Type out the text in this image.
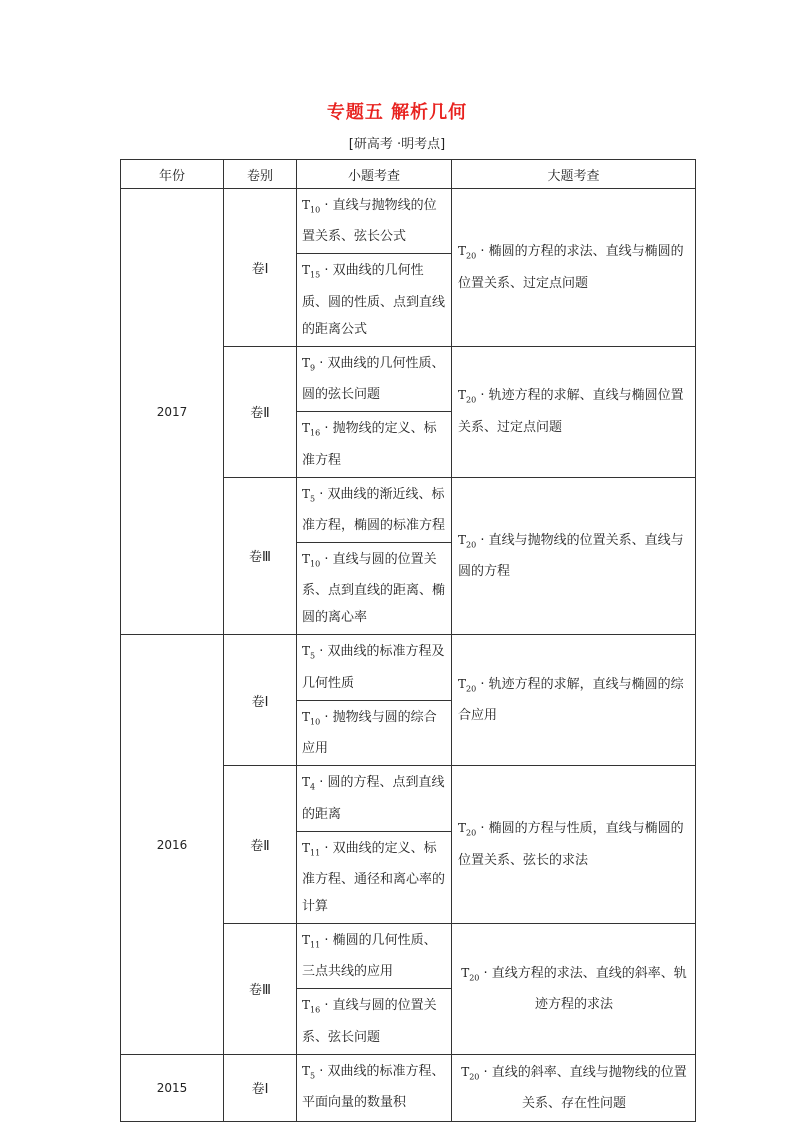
专题五 解析几何
[研高考 ·明考点]
年份	卷别	小题考查	大题考查
2017	卷Ⅰ	$T_{10}$ · 直线与抛物线的位置关系、弦长公式
$T_{15}$ · 双曲线的几何性质、圆的性质、点到直线的距离公式	$T_{20}$ · 椭圆的方程的求法、直线与椭圆的位置关系、过定点问题
	卷Ⅱ	$T_9$ · 双曲线的几何性质、圆的弦长问题
$T_{16}$ · 抛物线的定义、标准方程	$T_{20}$ · 轨迹方程的求解、直线与椭圆位置关系、过定点问题
	卷Ⅲ	$T_5$ · 双曲线的渐近线、标准方程，椭圆的标准方程
$T_{10}$ · 直线与圆的位置关系、点到直线的距离、椭圆的离心率	$T_{20}$ · 直线与抛物线的位置关系、直线与圆的方程
2016	卷Ⅰ	$T_5$ · 双曲线的标准方程及几何性质
$T_{10}$ · 抛物线与圆的综合应用	$T_{20}$ · 轨迹方程的求解，直线与椭圆的综合应用
	卷Ⅱ	$T_4$ · 圆的方程、点到直线的距离
$T_{11}$ · 双曲线的定义、标准方程、通径和离心率的计算	$T_{20}$ · 椭圆的方程与性质，直线与椭圆的位置关系、弦长的求法
	卷Ⅲ	$T_{11}$ · 椭圆的几何性质、三点共线的应用
$T_{16}$ · 直线与圆的位置关系、弦长问题	$T_{20}$ · 直线方程的求法、直线的斜率、轨迹方程的求法
2015	卷Ⅰ	$T_5$ · 双曲线的标准方程、平面向量的数量积	$T_{20}$ · 直线的斜率、直线与抛物线的位置关系、存在性问题
